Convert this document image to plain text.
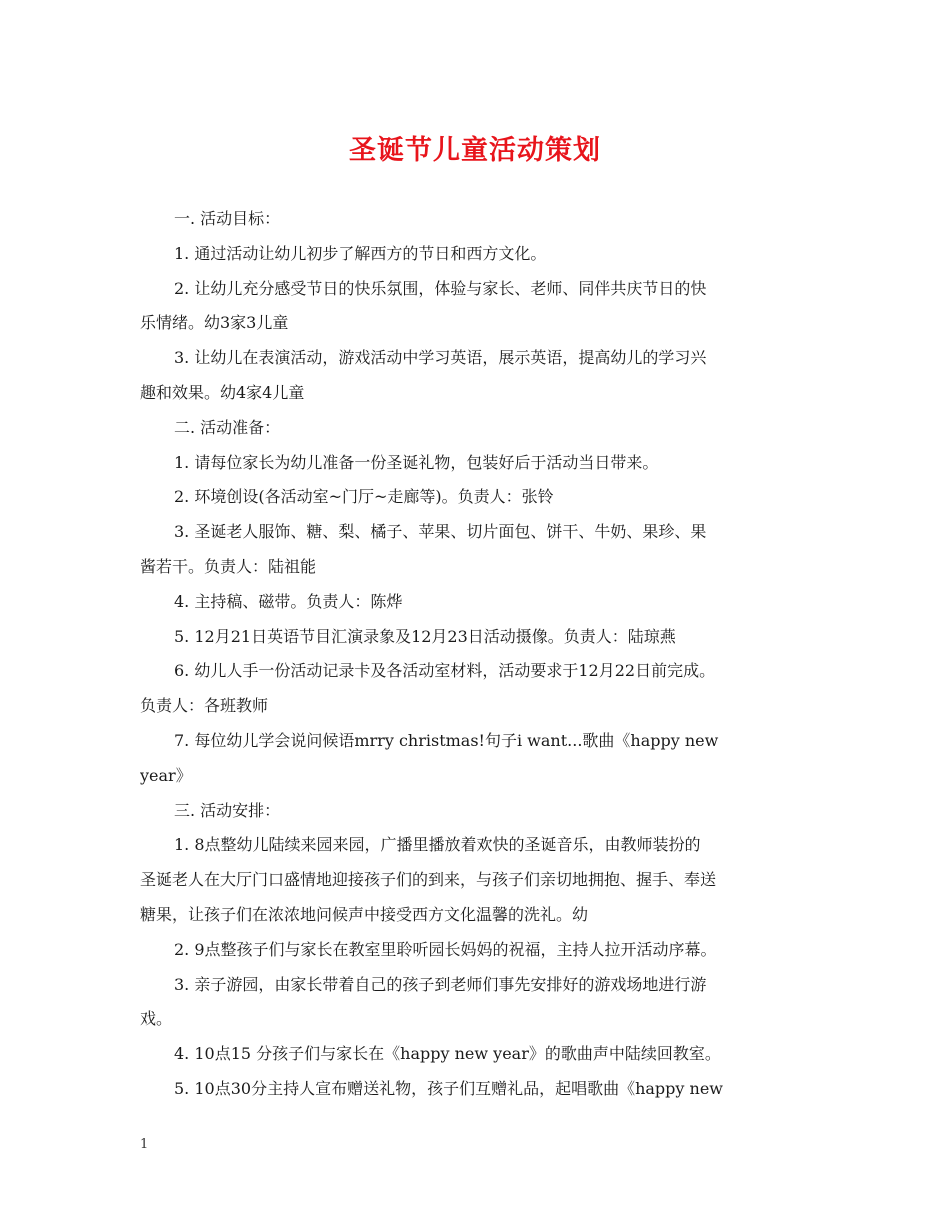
圣诞节儿童活动策划
一. 活动目标：
1. 通过活动让幼儿初步了解西方的节日和西方文化。
2. 让幼儿充分感受节日的快乐氛围，体验与家长、老师、同伴共庆节日的快
乐情绪。幼3家3儿童
3. 让幼儿在表演活动，游戏活动中学习英语，展示英语，提高幼儿的学习兴
趣和效果。幼4家4儿童
二. 活动准备：
1. 请每位家长为幼儿准备一份圣诞礼物，包装好后于活动当日带来。
2. 环境创设(各活动室~门厅~走廊等)。负责人：张铃
3. 圣诞老人服饰、糖、梨、橘子、苹果、切片面包、饼干、牛奶、果珍、果
酱若干。负责人：陆祖能
4. 主持稿、磁带。负责人：陈烨
5. 12月21日英语节目汇演录象及12月23日活动摄像。负责人：陆琼燕
6. 幼儿人手一份活动记录卡及各活动室材料，活动要求于12月22日前完成。
负责人：各班教师
7. 每位幼儿学会说问候语mrry christmas!句子i want...歌曲《happy new
year》
三. 活动安排：
1. 8点整幼儿陆续来园来园，广播里播放着欢快的圣诞音乐，由教师装扮的
圣诞老人在大厅门口盛情地迎接孩子们的到来，与孩子们亲切地拥抱、握手、奉送
糖果，让孩子们在浓浓地问候声中接受西方文化温馨的洗礼。幼
2. 9点整孩子们与家长在教室里聆听园长妈妈的祝福，主持人拉开活动序幕。
3. 亲子游园，由家长带着自己的孩子到老师们事先安排好的游戏场地进行游
戏。
4. 10点15 分孩子们与家长在《happy new year》的歌曲声中陆续回教室。
5. 10点30分主持人宣布赠送礼物，孩子们互赠礼品，起唱歌曲《happy new
1
